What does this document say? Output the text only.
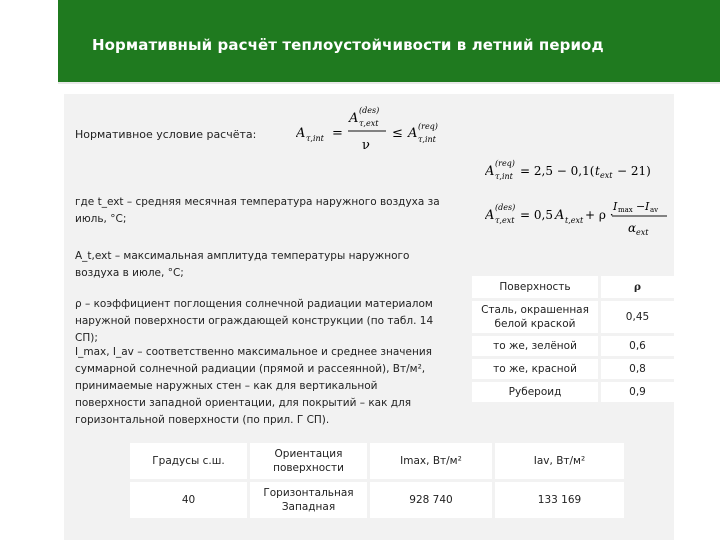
Нормативный расчёт теплоустойчивости в летний период
Нормативное условие расчёта:	A τ,int =
A
(des)
τ,ext
ν
≤ A (req)
τ,int
A
(req)
τ,int = 2,5 − 0,1( t ext − 21)
A
(des)
τ,ext = 0,5 A t,ext + ρ ·
I max − I av
α ext
где t_ext – средняя месячная температура наружного воздуха за июль, °С;
A_t,ext – максимальная амплитуда температуры наружного воздуха в июле, °С;
ρ – коэффициент поглощения солнечной радиации материалом наружной поверхности ограждающей конструкции (по табл. 14 СП);
I_max, I_av – соответственно максимальное и среднее значения суммарной солнечной радиации (прямой и рассеянной), Вт/м², принимаемые наружных стен – как для вертикальной поверхности западной ориентации, для покрытий – как для горизонтальной поверхности (по прил. Г СП).
Поверхность	ρ
Сталь, окрашенная белой краской	0,45
то же, зелёной	0,6
то же, красной	0,8
Рубероид	0,9
Градусы с.ш.	Ориентация поверхности	Imax, Вт/м²	Iav, Вт/м²
40	Горизонтальная Западная	928 740	133 169
